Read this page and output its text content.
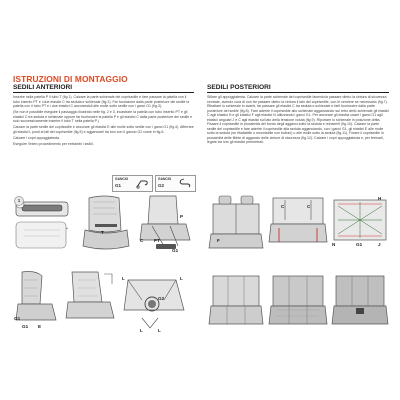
ISTRUZIONI DI MONTAGGIO
SEDILI ANTERIORI

Inserire nella patella P il tubo T (fig.1). Calzare la parte schienale del coprisedile e fare passare la patella con il tubo inserito PT e i due elastici C tra seduta e schienale (fig.2). Far fuoriuscire dalla parte posteriore del sedile la patella con il tubo PT e i due elastici C ancorandoli alle molle sotto sedile con i ganci G1 (fig.3).

(Se non è possibile eseguire il passaggio illustrato nelle fig. 2 e 3, incastrare la patella con tubo inserito PT e gli elastici C tra seduta e schienale oppure far fuoriuscire la patella P e gli elastici C dalla parte posteriore del sedile e solo successivamente inserire il tubo T nella patella P.)

Calzare la parte sedile del coprisedile e ancorare gli elastici E alle molle sotto sedile con i ganci G1 (fig.4). Afferrare gli elastici L posti ai lati del coprisedile (fig.5) e agganciarli tra loro con il gancio G2 come in fig.6.

Calzare i copri appoggiatesta.

Eseguire l’intero procedimento per entrambi i sedili.

GANCIO
G1
GANCIO
G2
SEDILI POSTERIORI

Sfilare gli appoggiatesta. Calzare la parte schienale del coprisedile facendola passare dietro la cintura di sicurezza centrale, avendo cura di non far passare dietro la cintura il lato del coprisedile, con le cerniere se necessario (fig.7). Ribaltare lo schienale in avanti, far passare gli elastici C tra seduta e schienale e farli fuoriuscire dalla parte posteriore del sedile (fig.8). Fare aderire il coprisedile allo schienale agganciando sul retro dello schienale gli elastici C agli elastici H e gli elastici F agli elastici N utilizzando i ganci G1. Per ancorare gli elastici usare i ganci G1 agli elastici angolari J e C agli elastici sul lato della tensione voluta (fig.9). Riportare lo schienale in posizione dritta. Fissare il coprisedile in prossimità del bordo degli agganci sotto la seduta e reinserirli (fig.10). Calzare la parte sedile del coprisedile e fare aderire il coprisedile alla seduta agganciando, con i ganci G1, gli elastici E alle molle sotto la seduta (se ribaltabile o smontabile con bulloni) o alle molle sotto la seduta (fig.11). Forare il coprisedile in prossimità delle fibbie di aggancio delle cinture di sicurezza (fig.12). Calzare i copri appoggiatesta e, per fermarli, legare tra loro gli elastici perimetrali.

1
T
P
C PT
G1
G1
E
G1
L	L
G2
L	L
F
C	C
H
N	J
G1
